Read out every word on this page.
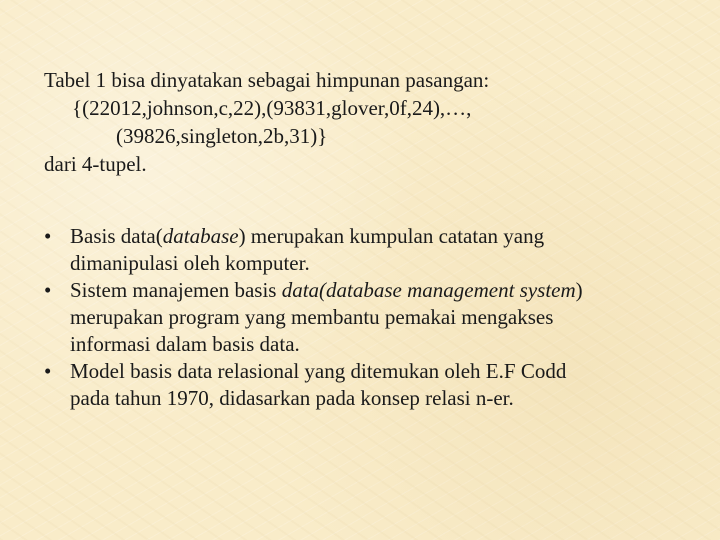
Tabel 1 bisa dinyatakan sebagai himpunan pasangan:
{(22012,johnson,c,22),(93831,glover,0f,24),…,
(39826,singleton,2b,31)}
dari 4-tupel.
• Basis data(database) merupakan kumpulan catatan yang
dimanipulasi oleh komputer.
• Sistem manajemen basis data(database management system)
merupakan program yang membantu pemakai mengakses
informasi dalam basis data.
• Model basis data relasional yang ditemukan oleh E.F Codd
pada tahun 1970, didasarkan pada konsep relasi n-er.
